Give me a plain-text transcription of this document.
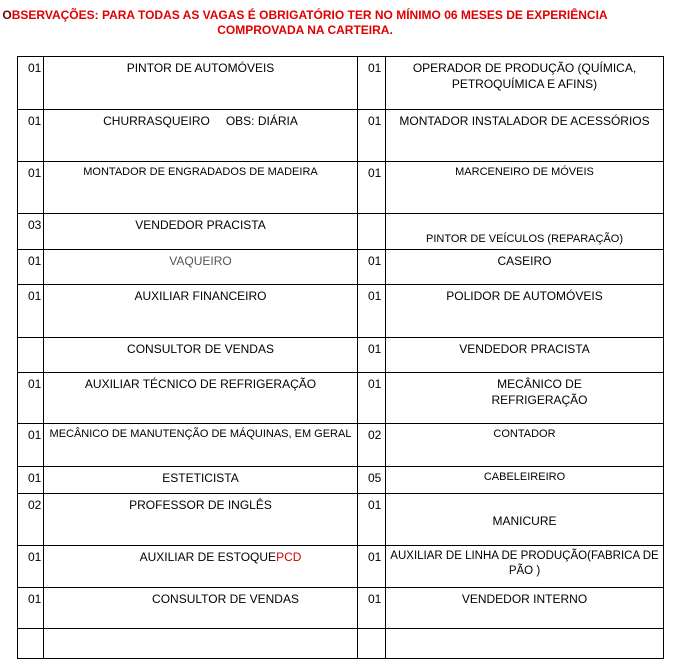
OBSERVAÇÕES: PARA TODAS AS VAGAS É OBRIGATÓRIO TER NO MÍNIMO 06 MESES DE EXPERIÊNCIA
COMPROVADA NA CARTEIRA.
01	PINTOR DE AUTOMÓVEIS	01	OPERADOR DE PRODUÇÃO (QUÍMICA, PETROQUÍMICA E AFINS)
01	CHURRASQUEIRO OBS: DIÁRIA	01	MONTADOR INSTALADOR DE ACESSÓRIOS
01	MONTADOR DE ENGRADADOS DE MADEIRA	01	MARCENEIRO DE MÓVEIS
03	VENDEDOR PRACISTA		PINTOR DE VEÍCULOS (REPARAÇÃO)
01	VAQUEIRO	01	CASEIRO
01	AUXILIAR FINANCEIRO	01	POLIDOR DE AUTOMÓVEIS
	CONSULTOR DE VENDAS	01	VENDEDOR PRACISTA
01	AUXILIAR TÉCNICO DE REFRIGERAÇÃO	01	MECÂNICO DE REFRIGERAÇÃO
01	MECÂNICO DE MANUTENÇÃO DE MÁQUINAS, EM GERAL	02	CONTADOR
01	ESTETICISTA	05	CABELEIREIRO
02	PROFESSOR DE INGLÊS	01	MANICURE
01	AUXILIAR DE ESTOQUEPCD	01	AUXILIAR DE LINHA DE PRODUÇÃO(FABRICA DE PÃO )
01	CONSULTOR DE VENDAS	01	VENDEDOR INTERNO
